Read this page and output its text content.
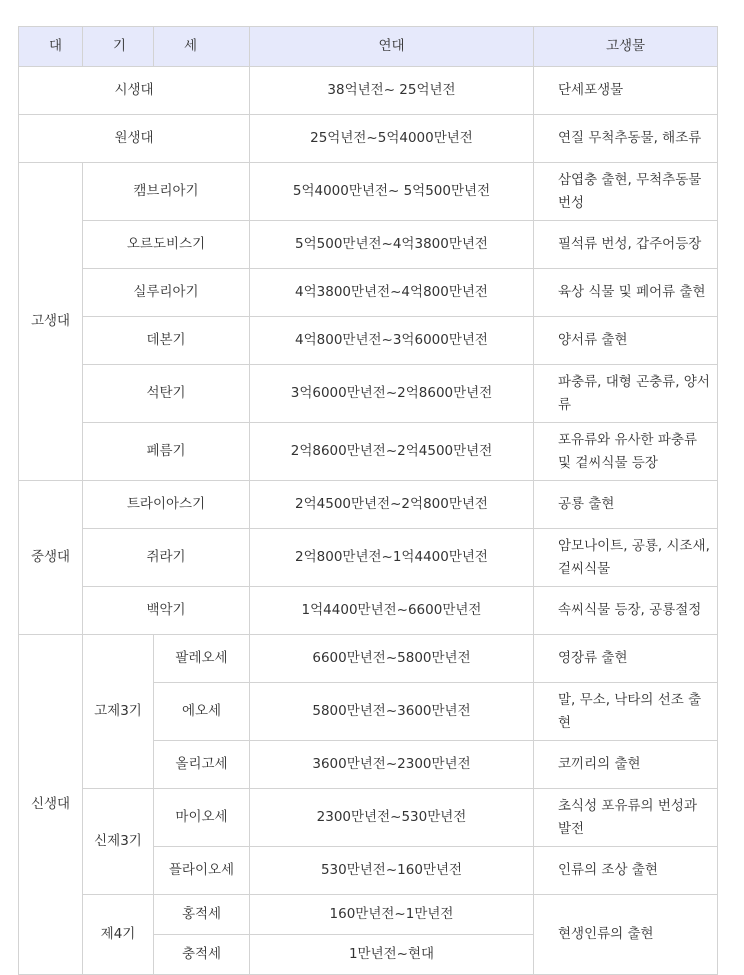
대	기	세	연대	고생물
시생대			38억년전~ 25억년전	단세포생물
원생대			25억년전~5억4000만년전	연질 무척추동물, 해조류
고생대	캠브리아기		5억4000만년전~ 5억500만년전	삼엽충 출현, 무척추동물 번성
	오르도비스기		5억500만년전~4억3800만년전	필석류 번성, 갑주어등장
	실루리아기		4억3800만년전~4억800만년전	육상 식물 및 페어류 출현
	데본기		4억800만년전~3억6000만년전	양서류 출현
	석탄기		3억6000만년전~2억8600만년전	파충류, 대형 곤충류, 양서류
	페름기		2억8600만년전~2억4500만년전	포유류와 유사한 파충류 및 겉씨식물 등장
중생대	트라이아스기		2억4500만년전~2억800만년전	공룡 출현
	쥐라기		2억800만년전~1억4400만년전	암모나이트, 공룡, 시조새, 겉씨식물
	백악기		1억4400만년전~6600만년전	속씨식물 등장, 공룡절정
신생대	고제3기	팔레오세	6600만년전~5800만년전	영장류 출현
		에오세	5800만년전~3600만년전	말, 무소, 낙타의 선조 출현
		올리고세	3600만년전~2300만년전	코끼리의 출현
	신제3기	마이오세	2300만년전~530만년전	초식성 포유류의 번성과 발전
		플라이오세	530만년전~160만년전	인류의 조상 출현
	제4기	홍적세	160만년전~1만년전	현생인류의 출현
		충적세	1만년전~현대	
